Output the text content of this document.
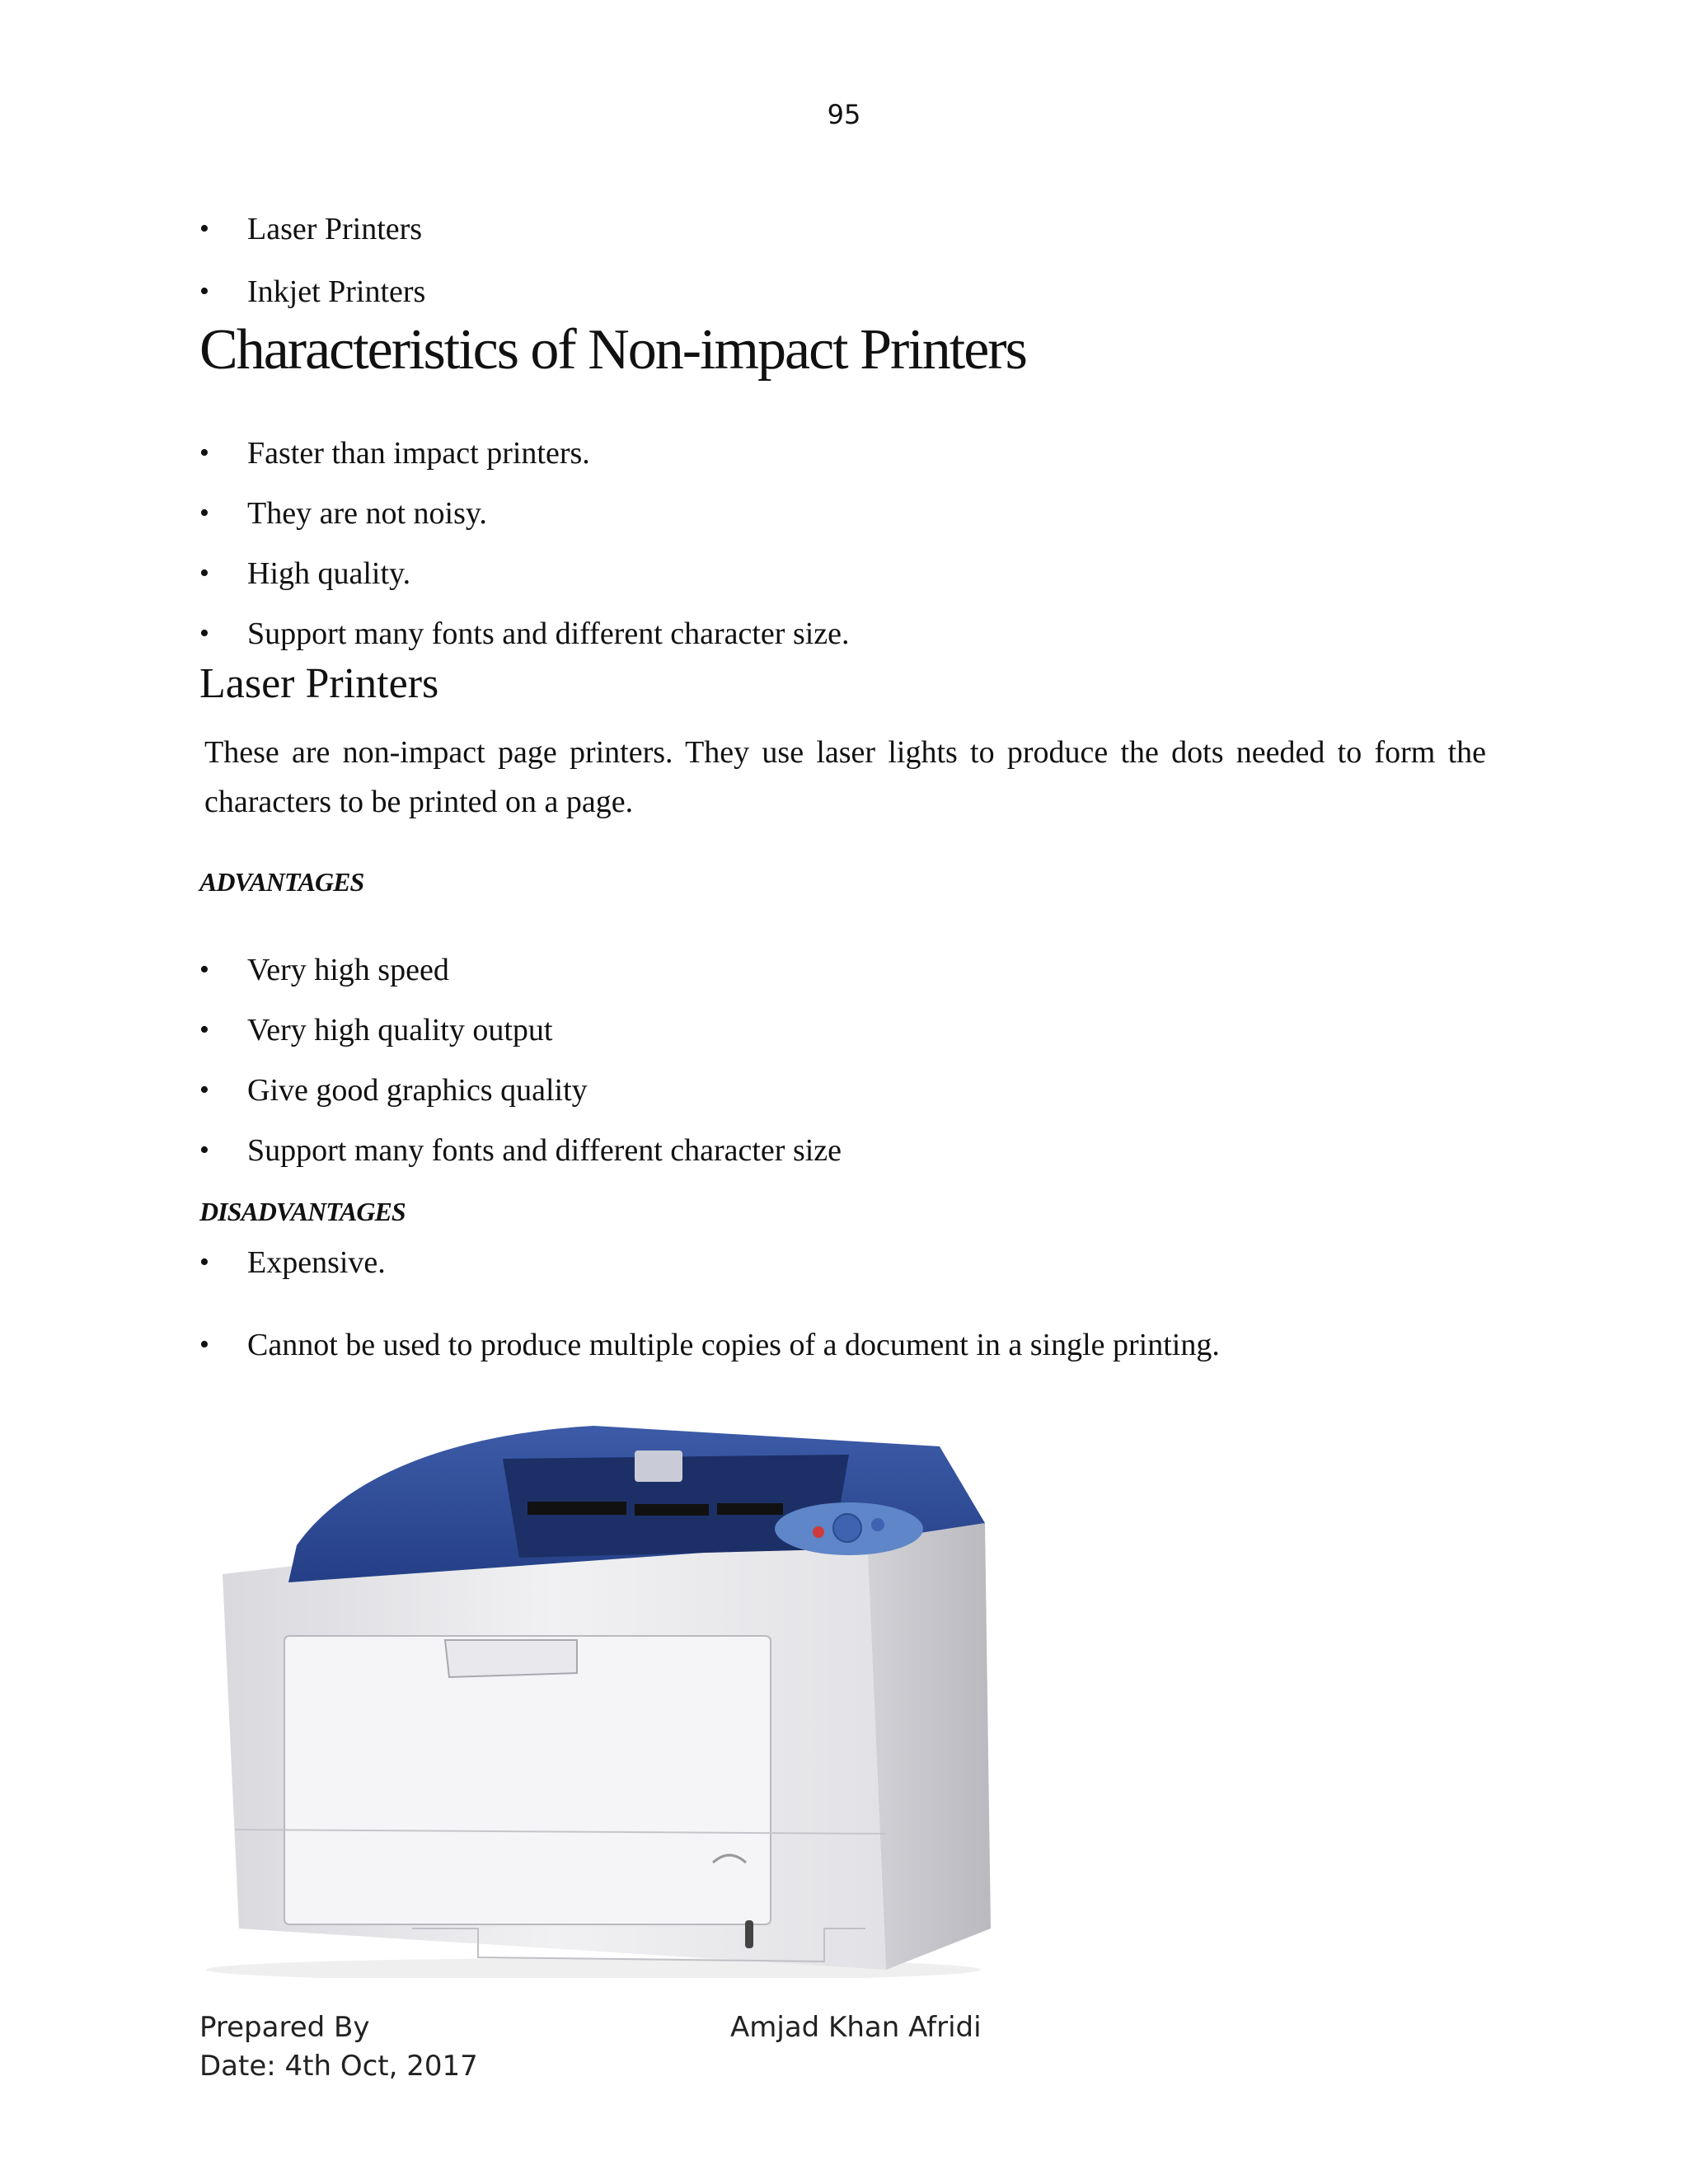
95
• Laser Printers
• Inkjet Printers
Characteristics of Non-impact Printers
• Faster than impact printers.
• They are not noisy.
• High quality.
• Support many fonts and different character size.
Laser Printers

These are non-impact page printers. They use laser lights to produce the dots needed to form the characters to be printed on a page.

ADVANTAGES
• Very high speed
• Very high quality output
• Give good graphics quality
• Support many fonts and different character size
DISADVANTAGES
• Expensive.
• Cannot be used to produce multiple copies of a document in a single printing.
Prepared By	Amjad Khan Afridi
Date: 4th Oct, 2017
